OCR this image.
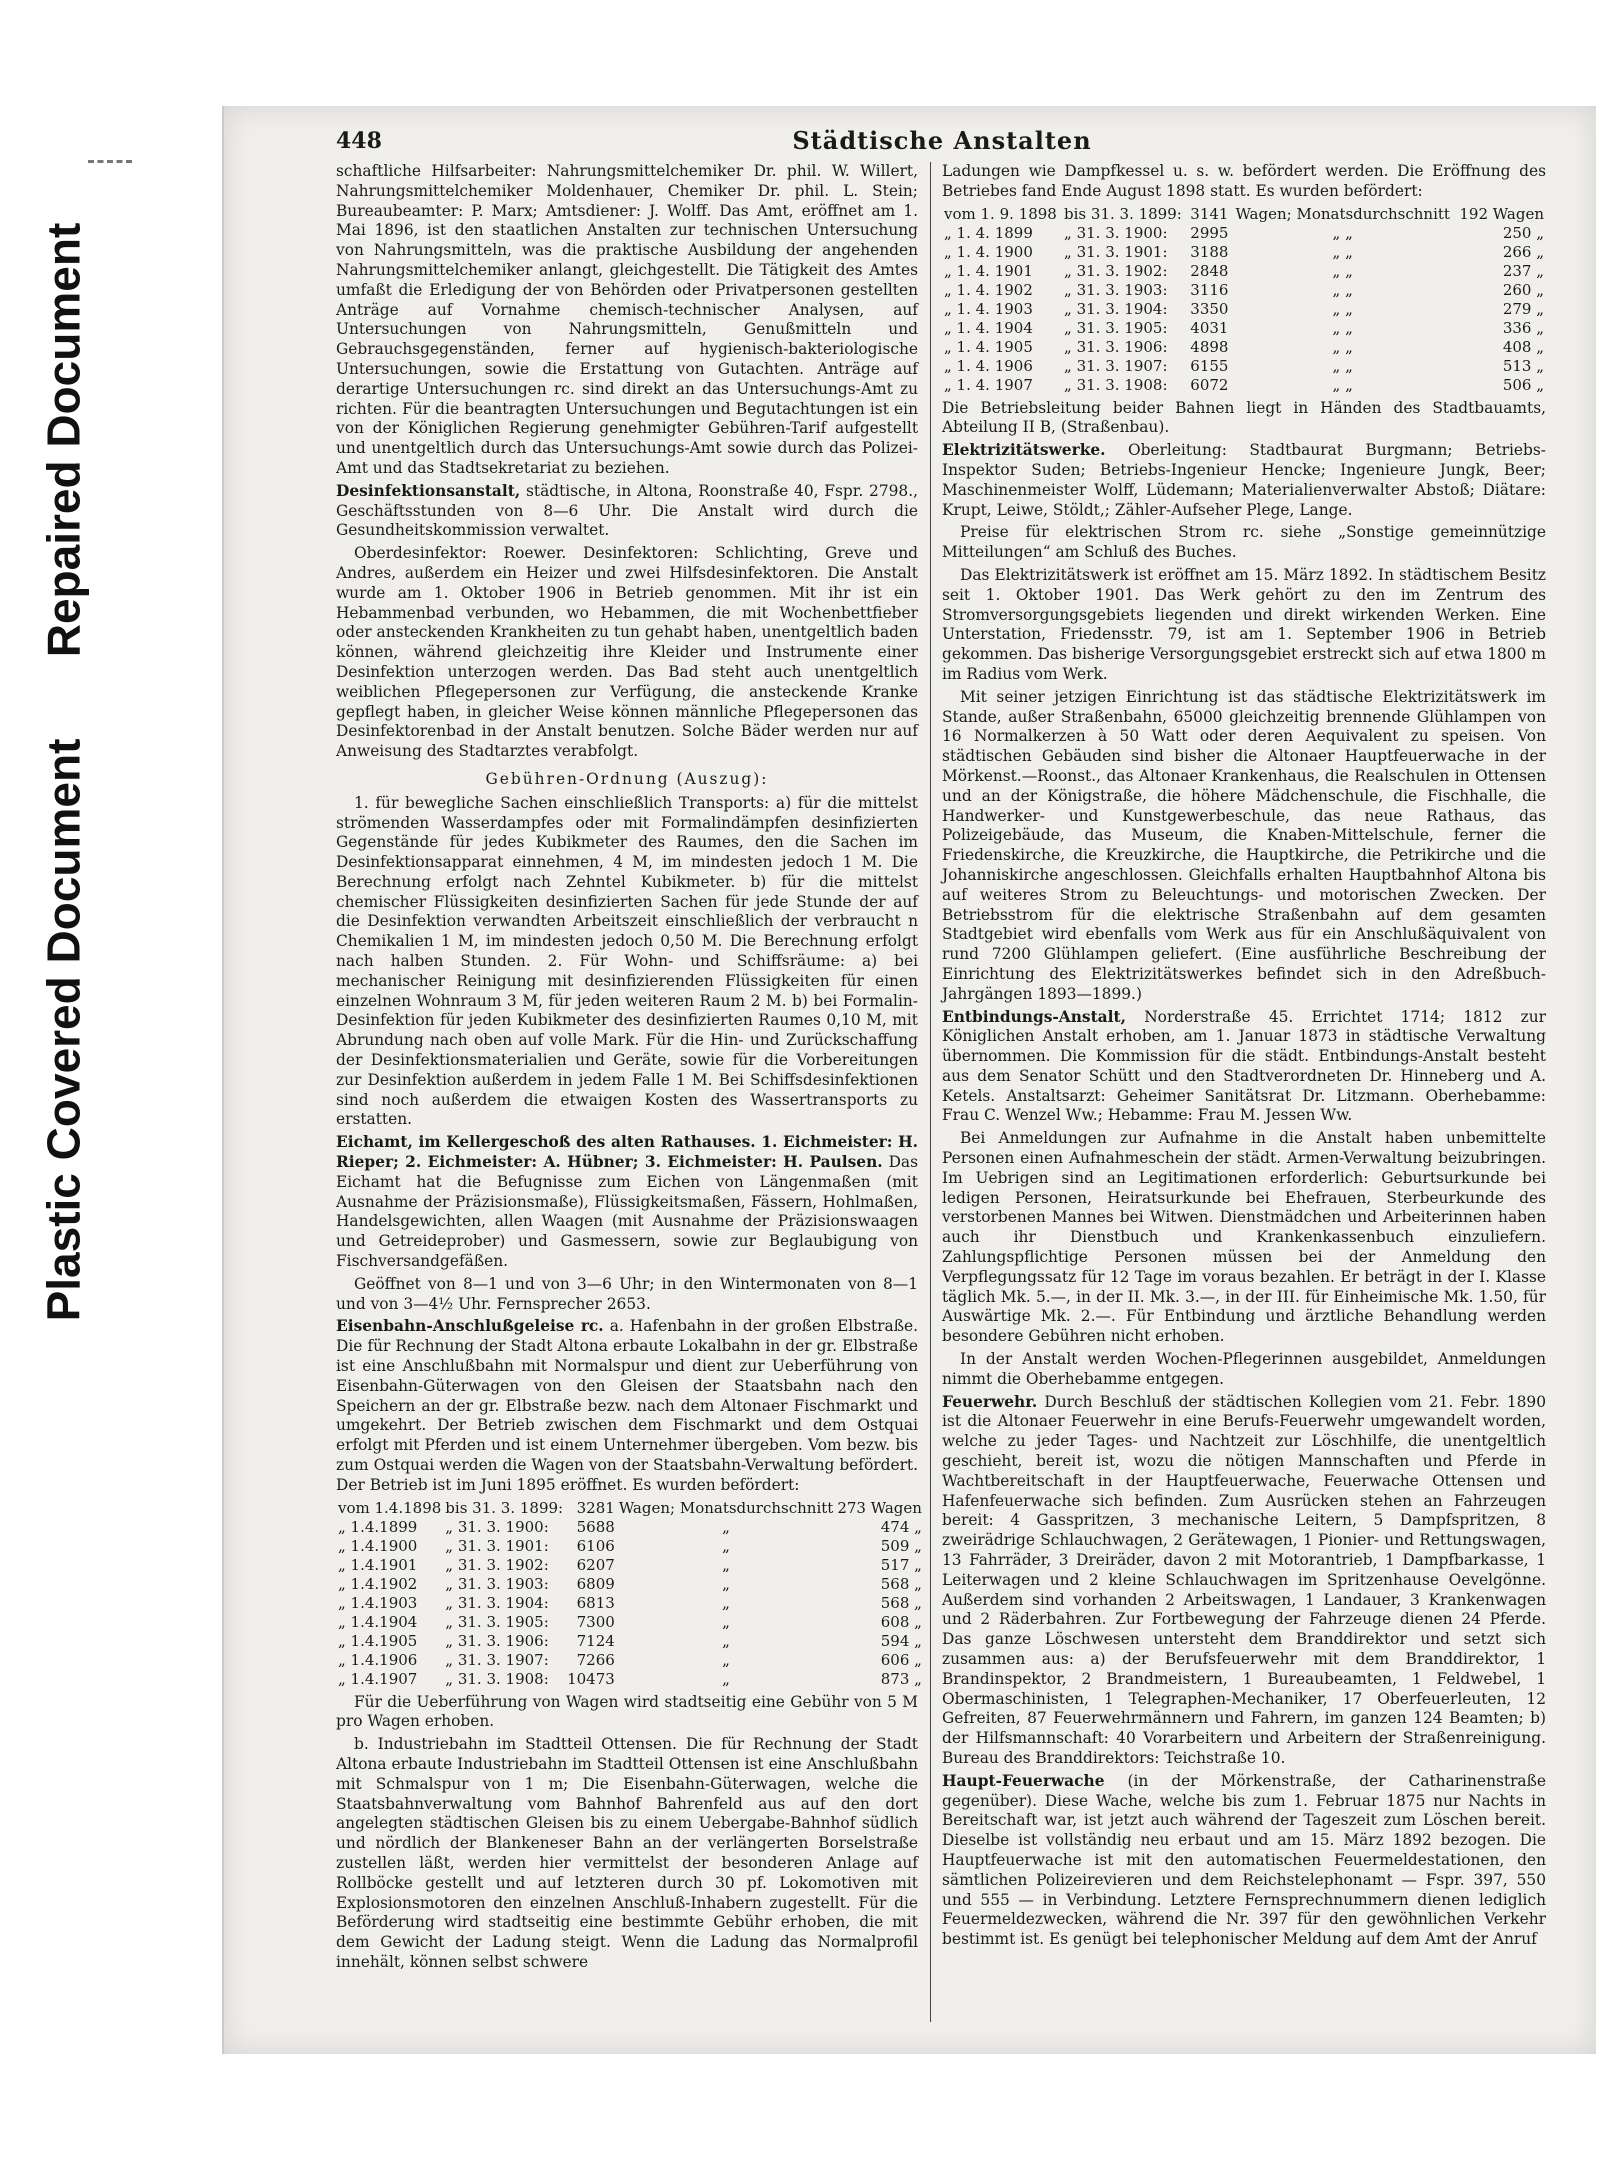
Repaired Document
Plastic Covered Document
448	Städtische Anstalten

schaftliche Hilfsarbeiter: Nahrungsmittelchemiker Dr. phil. W. Willert, Nahrungsmittelchemiker Moldenhauer, Chemiker Dr. phil. L. Stein; Bureaubeamter: P. Marx; Amtsdiener: J. Wolff. Das Amt, eröffnet am 1. Mai 1896, ist den staatlichen Anstalten zur technischen Untersuchung von Nahrungsmitteln, was die praktische Ausbildung der angehenden Nahrungsmittelchemiker anlangt, gleichgestellt. Die Tätigkeit des Amtes umfaßt die Erledigung der von Behörden oder Privatpersonen gestellten Anträge auf Vornahme chemisch-technischer Analysen, auf Untersuchungen von Nahrungsmitteln, Genußmitteln und Gebrauchsgegenständen, ferner auf hygienisch-bakteriologische Untersuchungen, sowie die Erstattung von Gutachten. Anträge auf derartige Untersuchungen rc. sind direkt an das Untersuchungs-Amt zu richten. Für die beantragten Untersuchungen und Begutachtungen ist ein von der Königlichen Regierung genehmigter Gebühren-Tarif aufgestellt und unentgeltlich durch das Untersuchungs-Amt sowie durch das Polizei-Amt und das Stadtsekretariat zu beziehen.

Desinfektionsanstalt, städtische, in Altona, Roonstraße 40, Fspr. 2798., Geschäftsstunden von 8—6 Uhr. Die Anstalt wird durch die Gesundheitskommission verwaltet.

Oberdesinfektor: Roewer. Desinfektoren: Schlichting, Greve und Andres, außerdem ein Heizer und zwei Hilfsdesinfektoren. Die Anstalt wurde am 1. Oktober 1906 in Betrieb genommen. Mit ihr ist ein Hebammenbad verbunden, wo Hebammen, die mit Wochenbettfieber oder ansteckenden Krankheiten zu tun gehabt haben, unentgeltlich baden können, während gleichzeitig ihre Kleider und Instrumente einer Desinfektion unterzogen werden. Das Bad steht auch unentgeltlich weiblichen Pflegepersonen zur Verfügung, die ansteckende Kranke gepflegt haben, in gleicher Weise können männliche Pflegepersonen das Desinfektorenbad in der Anstalt benutzen. Solche Bäder werden nur auf Anweisung des Stadtarztes verabfolgt.

Gebühren-Ordnung (Auszug):

1. für bewegliche Sachen einschließlich Transports: a) für die mittelst strömenden Wasserdampfes oder mit Formalindämpfen desinfizierten Gegenstände für jedes Kubikmeter des Raumes, den die Sachen im Desinfektionsapparat einnehmen, 4 M, im mindesten jedoch 1 M. Die Berechnung erfolgt nach Zehntel Kubikmeter. b) für die mittelst chemischer Flüssigkeiten desinfizierten Sachen für jede Stunde der auf die Desinfektion verwandten Arbeitszeit einschließlich der verbraucht n Chemikalien 1 M, im mindesten jedoch 0,50 M. Die Berechnung erfolgt nach halben Stunden. 2. Für Wohn- und Schiffsräume: a) bei mechanischer Reinigung mit desinfizierenden Flüssigkeiten für einen einzelnen Wohnraum 3 M, für jeden weiteren Raum 2 M. b) bei Formalin-Desinfektion für jeden Kubikmeter des desinfizierten Raumes 0,10 M, mit Abrundung nach oben auf volle Mark. Für die Hin- und Zurückschaffung der Desinfektionsmaterialien und Geräte, sowie für die Vorbereitungen zur Desinfektion außerdem in jedem Falle 1 M. Bei Schiffsdesinfektionen sind noch außerdem die etwaigen Kosten des Wassertransports zu erstatten.

Eichamt, im Kellergeschoß des alten Rathauses. 1. Eichmeister: H. Rieper; 2. Eichmeister: A. Hübner; 3. Eichmeister: H. Paulsen. Das Eichamt hat die Befugnisse zum Eichen von Längenmaßen (mit Ausnahme der Präzisionsmaße), Flüssigkeitsmaßen, Fässern, Hohlmaßen, Handelsgewichten, allen Waagen (mit Ausnahme der Präzisionswaagen und Getreideprober) und Gasmessern, sowie zur Beglaubigung von Fischversandgefäßen.

Geöffnet von 8—1 und von 3—6 Uhr; in den Wintermonaten von 8—1 und von 3—4½ Uhr. Fernsprecher 2653.

Eisenbahn-Anschlußgeleise rc. a. Hafenbahn in der großen Elbstraße. Die für Rechnung der Stadt Altona erbaute Lokalbahn in der gr. Elbstraße ist eine Anschlußbahn mit Normalspur und dient zur Ueberführung von Eisenbahn-Güterwagen von den Gleisen der Staatsbahn nach den Speichern an der gr. Elbstraße bezw. nach dem Altonaer Fischmarkt und umgekehrt. Der Betrieb zwischen dem Fischmarkt und dem Ostquai erfolgt mit Pferden und ist einem Unternehmer übergeben. Vom bezw. bis zum Ostquai werden die Wagen von der Staatsbahn-Verwaltung befördert. Der Betrieb ist im Juni 1895 eröffnet. Es wurden befördert:

vom 1.4.1898	bis 31. 3. 1899:	3281	Wagen; Monatsdurchschnitt	273 Wagen
„ 1.4.1899	„ 31. 3. 1900:	5688	„	474 „
„ 1.4.1900	„ 31. 3. 1901:	6106	„	509 „
„ 1.4.1901	„ 31. 3. 1902:	6207	„	517 „
„ 1.4.1902	„ 31. 3. 1903:	6809	„	568 „
„ 1.4.1903	„ 31. 3. 1904:	6813	„	568 „
„ 1.4.1904	„ 31. 3. 1905:	7300	„	608 „
„ 1.4.1905	„ 31. 3. 1906:	7124	„	594 „
„ 1.4.1906	„ 31. 3. 1907:	7266	„	606 „
„ 1.4.1907	„ 31. 3. 1908:	10473	„	873 „

Für die Ueberführung von Wagen wird stadtseitig eine Gebühr von 5 M pro Wagen erhoben.

b. Industriebahn im Stadtteil Ottensen. Die für Rechnung der Stadt Altona erbaute Industriebahn im Stadtteil Ottensen ist eine Anschlußbahn mit Schmalspur von 1 m; Die Eisenbahn-Güterwagen, welche die Staatsbahnverwaltung vom Bahnhof Bahrenfeld aus auf den dort angelegten städtischen Gleisen bis zu einem Uebergabe-Bahnhof südlich und nördlich der Blankeneser Bahn an der verlängerten Borselstraße zustellen läßt, werden hier vermittelst der besonderen Anlage auf Rollböcke gestellt und auf letzteren durch 30 pf. Lokomotiven mit Explosionsmotoren den einzelnen Anschluß-Inhabern zugestellt. Für die Beförderung wird stadtseitig eine bestimmte Gebühr erhoben, die mit dem Gewicht der Ladung steigt. Wenn die Ladung das Normalprofil innehält, können selbst schwere

Ladungen wie Dampfkessel u. s. w. befördert werden. Die Eröffnung des Betriebes fand Ende August 1898 statt. Es wurden befördert:

vom 1. 9. 1898	bis 31. 3. 1899:	3141	Wagen; Monatsdurchschnitt	192 Wagen
„ 1. 4. 1899	„ 31. 3. 1900:	2995	„ „	250 „
„ 1. 4. 1900	„ 31. 3. 1901:	3188	„ „	266 „
„ 1. 4. 1901	„ 31. 3. 1902:	2848	„ „	237 „
„ 1. 4. 1902	„ 31. 3. 1903:	3116	„ „	260 „
„ 1. 4. 1903	„ 31. 3. 1904:	3350	„ „	279 „
„ 1. 4. 1904	„ 31. 3. 1905:	4031	„ „	336 „
„ 1. 4. 1905	„ 31. 3. 1906:	4898	„ „	408 „
„ 1. 4. 1906	„ 31. 3. 1907:	6155	„ „	513 „
„ 1. 4. 1907	„ 31. 3. 1908:	6072	„ „	506 „

Die Betriebsleitung beider Bahnen liegt in Händen des Stadtbauamts, Abteilung II B, (Straßenbau).

Elektrizitätswerke. Oberleitung: Stadtbaurat Burgmann; Betriebs-Inspektor Suden; Betriebs-Ingenieur Hencke; Ingenieure Jungk, Beer; Maschinenmeister Wolff, Lüdemann; Materialienverwalter Abstoß; Diätare: Krupt, Leiwe, Stöldt,; Zähler-Aufseher Plege, Lange.

Preise für elektrischen Strom rc. siehe „Sonstige gemeinnützige Mitteilungen“ am Schluß des Buches.

Das Elektrizitätswerk ist eröffnet am 15. März 1892. In städtischem Besitz seit 1. Oktober 1901. Das Werk gehört zu den im Zentrum des Stromversorgungsgebiets liegenden und direkt wirkenden Werken. Eine Unterstation, Friedensstr. 79, ist am 1. September 1906 in Betrieb gekommen. Das bisherige Versorgungsgebiet erstreckt sich auf etwa 1800 m im Radius vom Werk.

Mit seiner jetzigen Einrichtung ist das städtische Elektrizitätswerk im Stande, außer Straßenbahn, 65000 gleichzeitig brennende Glühlampen von 16 Normalkerzen à 50 Watt oder deren Aequivalent zu speisen. Von städtischen Gebäuden sind bisher die Altonaer Hauptfeuerwache in der Mörkenst.—Roonst., das Altonaer Krankenhaus, die Realschulen in Ottensen und an der Königstraße, die höhere Mädchenschule, die Fischhalle, die Handwerker- und Kunstgewerbeschule, das neue Rathaus, das Polizeigebäude, das Museum, die Knaben-Mittelschule, ferner die Friedenskirche, die Kreuzkirche, die Hauptkirche, die Petrikirche und die Johanniskirche angeschlossen. Gleichfalls erhalten Hauptbahnhof Altona bis auf weiteres Strom zu Beleuchtungs- und motorischen Zwecken. Der Betriebsstrom für die elektrische Straßenbahn auf dem gesamten Stadtgebiet wird ebenfalls vom Werk aus für ein Anschlußäquivalent von rund 7200 Glühlampen geliefert. (Eine ausführliche Beschreibung der Einrichtung des Elektrizitätswerkes befindet sich in den Adreßbuch-Jahrgängen 1893—1899.)

Entbindungs-Anstalt, Norderstraße 45. Errichtet 1714; 1812 zur Königlichen Anstalt erhoben, am 1. Januar 1873 in städtische Verwaltung übernommen. Die Kommission für die städt. Entbindungs-Anstalt besteht aus dem Senator Schütt und den Stadtverordneten Dr. Hinneberg und A. Ketels. Anstaltsarzt: Geheimer Sanitätsrat Dr. Litzmann. Oberhebamme: Frau C. Wenzel Ww.; Hebamme: Frau M. Jessen Ww.

Bei Anmeldungen zur Aufnahme in die Anstalt haben unbemittelte Personen einen Aufnahmeschein der städt. Armen-Verwaltung beizubringen. Im Uebrigen sind an Legitimationen erforderlich: Geburtsurkunde bei ledigen Personen, Heiratsurkunde bei Ehefrauen, Sterbeurkunde des verstorbenen Mannes bei Witwen. Dienstmädchen und Arbeiterinnen haben auch ihr Dienstbuch und Krankenkassenbuch einzuliefern. Zahlungspflichtige Personen müssen bei der Anmeldung den Verpflegungssatz für 12 Tage im voraus bezahlen. Er beträgt in der I. Klasse täglich Mk. 5.—, in der II. Mk. 3.—, in der III. für Einheimische Mk. 1.50, für Auswärtige Mk. 2.—. Für Entbindung und ärztliche Behandlung werden besondere Gebühren nicht erhoben.

In der Anstalt werden Wochen-Pflegerinnen ausgebildet, Anmeldungen nimmt die Oberhebamme entgegen.

Feuerwehr. Durch Beschluß der städtischen Kollegien vom 21. Febr. 1890 ist die Altonaer Feuerwehr in eine Berufs-Feuerwehr umgewandelt worden, welche zu jeder Tages- und Nachtzeit zur Löschhilfe, die unentgeltlich geschieht, bereit ist, wozu die nötigen Mannschaften und Pferde in Wachtbereitschaft in der Hauptfeuerwache, Feuerwache Ottensen und Hafenfeuerwache sich befinden. Zum Ausrücken stehen an Fahrzeugen bereit: 4 Gasspritzen, 3 mechanische Leitern, 5 Dampfspritzen, 8 zweirädrige Schlauchwagen, 2 Gerätewagen, 1 Pionier- und Rettungswagen, 13 Fahrräder, 3 Dreiräder, davon 2 mit Motorantrieb, 1 Dampfbarkasse, 1 Leiterwagen und 2 kleine Schlauchwagen im Spritzenhause Oevelgönne. Außerdem sind vorhanden 2 Arbeitswagen, 1 Landauer, 3 Krankenwagen und 2 Räderbahren. Zur Fortbewegung der Fahrzeuge dienen 24 Pferde. Das ganze Löschwesen untersteht dem Branddirektor und setzt sich zusammen aus: a) der Berufsfeuerwehr mit dem Branddirektor, 1 Brandinspektor, 2 Brandmeistern, 1 Bureaubeamten, 1 Feldwebel, 1 Obermaschinisten, 1 Telegraphen-Mechaniker, 17 Oberfeuerleuten, 12 Gefreiten, 87 Feuerwehrmännern und Fahrern, im ganzen 124 Beamten; b) der Hilfsmannschaft: 40 Vorarbeitern und Arbeitern der Straßenreinigung. Bureau des Branddirektors: Teichstraße 10.

Haupt-Feuerwache (in der Mörkenstraße, der Catharinenstraße gegenüber). Diese Wache, welche bis zum 1. Februar 1875 nur Nachts in Bereitschaft war, ist jetzt auch während der Tageszeit zum Löschen bereit. Dieselbe ist vollständig neu erbaut und am 15. März 1892 bezogen. Die Hauptfeuerwache ist mit den automatischen Feuermeldestationen, den sämtlichen Polizeirevieren und dem Reichstelephonamt — Fspr. 397, 550 und 555 — in Verbindung. Letztere Fernsprechnummern dienen lediglich Feuermeldezwecken, während die Nr. 397 für den gewöhnlichen Verkehr bestimmt ist. Es genügt bei telephonischer Meldung auf dem Amt der Anruf
